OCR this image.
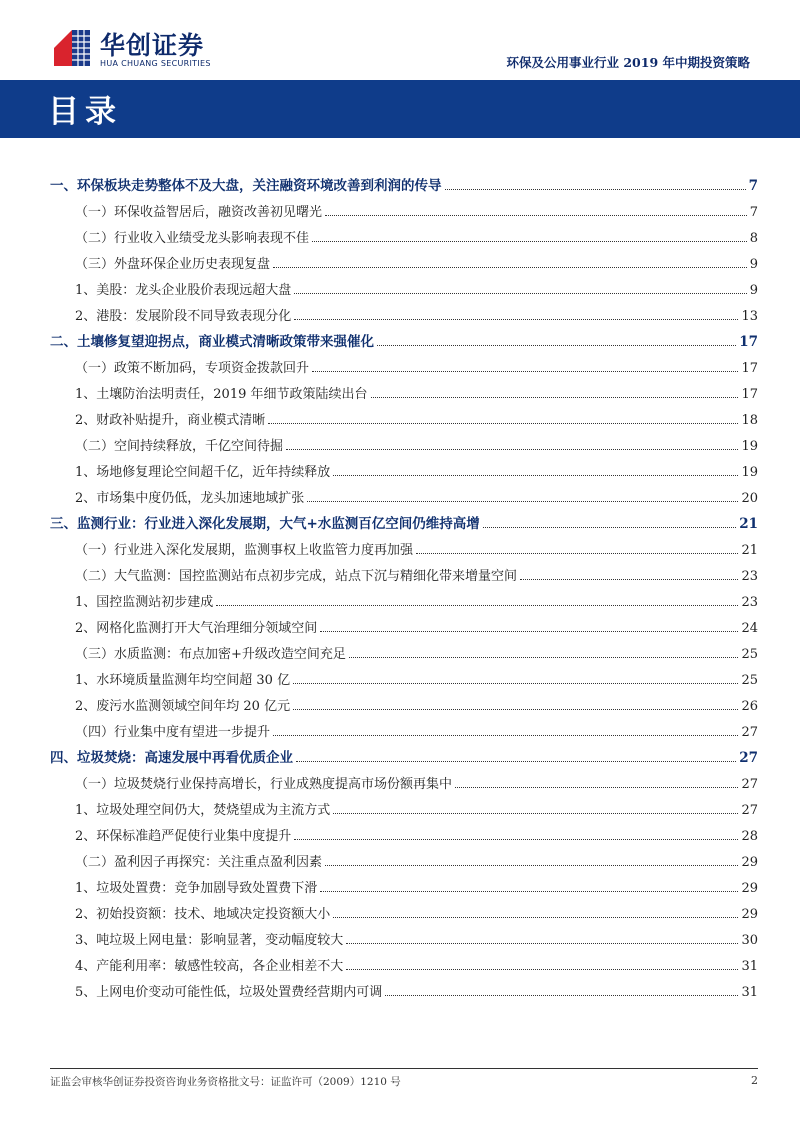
华创证券
HUA CHUANG SECURITIES	环保及公用事业行业 2019 年中期投资策略
目录
一、环保板块走势整体不及大盘，关注融资环境改善到利润的传导	7
（一）环保收益智居后，融资改善初见曙光	7
（二）行业收入业绩受龙头影响表现不佳	8
（三）外盘环保企业历史表现复盘	9
1、美股：龙头企业股价表现远超大盘	9
2、港股：发展阶段不同导致表现分化	13
二、土壤修复望迎拐点，商业模式清晰政策带来强催化	17
（一）政策不断加码，专项资金拨款回升	17
1、土壤防治法明责任，2019 年细节政策陆续出台	17
2、财政补贴提升，商业模式清晰	18
（二）空间持续释放，千亿空间待掘	19
1、场地修复理论空间超千亿，近年持续释放	19
2、市场集中度仍低，龙头加速地域扩张	20
三、监测行业：行业进入深化发展期，大气+水监测百亿空间仍维持高增	21
（一）行业进入深化发展期，监测事权上收监管力度再加强	21
（二）大气监测：国控监测站布点初步完成，站点下沉与精细化带来增量空间	23
1、国控监测站初步建成	23
2、网格化监测打开大气治理细分领域空间	24
（三）水质监测：布点加密+升级改造空间充足	25
1、水环境质量监测年均空间超 30 亿	25
2、废污水监测领域空间年均 20 亿元	26
（四）行业集中度有望进一步提升	27
四、垃圾焚烧：高速发展中再看优质企业	27
（一）垃圾焚烧行业保持高增长，行业成熟度提高市场份额再集中	27
1、垃圾处理空间仍大，焚烧望成为主流方式	27
2、环保标准趋严促使行业集中度提升	28
（二）盈利因子再探究：关注重点盈利因素	29
1、垃圾处置费：竞争加剧导致处置费下滑	29
2、初始投资额：技术、地域决定投资额大小	29
3、吨垃圾上网电量：影响显著，变动幅度较大	30
4、产能利用率：敏感性较高，各企业相差不大	31
5、上网电价变动可能性低，垃圾处置费经营期内可调	31
证监会审核华创证券投资咨询业务资格批文号：证监许可（2009）1210 号	2
